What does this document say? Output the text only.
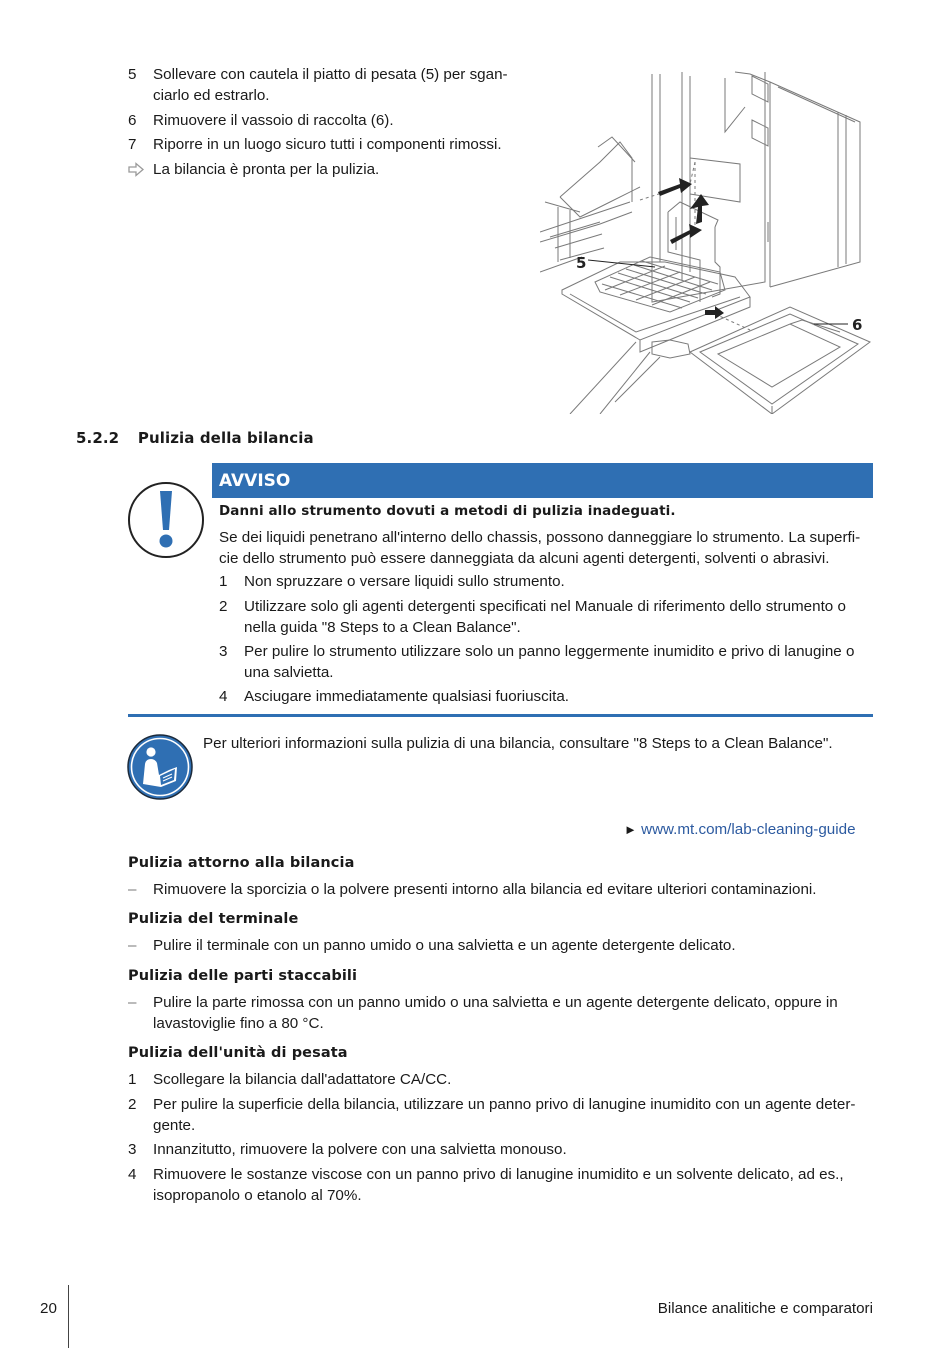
5 Sollevare con cautela il piatto di pesata (5) per sgan-
ciarlo ed estrarlo.
6 Rimuovere il vassoio di raccolta (6).
7 Riporre in un luogo sicuro tutti i componenti rimossi.
La bilancia è pronta per la pulizia.
5
6
5.2.2 Pulizia della bilancia
AVVISO
Danni allo strumento dovuti a metodi di pulizia inadeguati.
Se dei liquidi penetrano all'interno dello chassis, possono danneggiare lo strumento. La superfi-
cie dello strumento può essere danneggiata da alcuni agenti detergenti, solventi o abrasivi.
1 Non spruzzare o versare liquidi sullo strumento.
2 Utilizzare solo gli agenti detergenti specificati nel Manuale di riferimento dello strumento o
nella guida "8 Steps to a Clean Balance".
3 Per pulire lo strumento utilizzare solo un panno leggermente inumidito e privo di lanugine o
una salvietta.
4 Asciugare immediatamente qualsiasi fuoriuscita.
Per ulteriori informazioni sulla pulizia di una bilancia, consultare "8 Steps to a Clean Balance".
► www.mt.com/lab-cleaning-guide
Pulizia attorno alla bilancia
– Rimuovere la sporcizia o la polvere presenti intorno alla bilancia ed evitare ulteriori contaminazioni.
Pulizia del terminale
– Pulire il terminale con un panno umido o una salvietta e un agente detergente delicato.
Pulizia delle parti staccabili
– Pulire la parte rimossa con un panno umido o una salvietta e un agente detergente delicato, oppure in
lavastoviglie fino a 80 °C.
Pulizia dell'unità di pesata
1 Scollegare la bilancia dall'adattatore CA/CC.
2 Per pulire la superficie della bilancia, utilizzare un panno privo di lanugine inumidito con un agente deter-
gente.
3 Innanzitutto, rimuovere la polvere con una salvietta monouso.
4 Rimuovere le sostanze viscose con un panno privo di lanugine inumidito e un solvente delicato, ad es.,
isopropanolo o etanolo al 70%.
20	Bilance analitiche e comparatori
